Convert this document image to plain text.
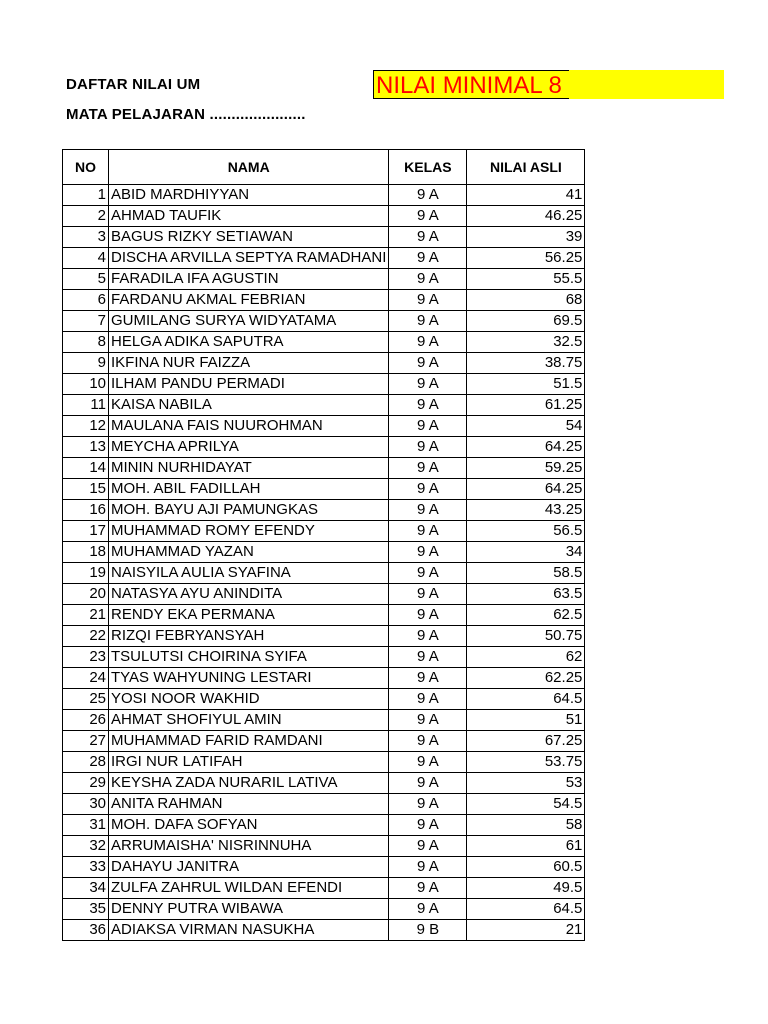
DAFTAR NILAI UM
MATA PELAJARAN ......................
NILAI MINIMAL 8
NO	NAMA	KELAS	NILAI ASLI
1	ABID MARDHIYYAN	9 A	41
2	AHMAD TAUFIK	9 A	46.25
3	BAGUS RIZKY SETIAWAN	9 A	39
4	DISCHA ARVILLA SEPTYA RAMADHANI	9 A	56.25
5	FARADILA IFA AGUSTIN	9 A	55.5
6	FARDANU AKMAL FEBRIAN	9 A	68
7	GUMILANG SURYA WIDYATAMA	9 A	69.5
8	HELGA ADIKA SAPUTRA	9 A	32.5
9	IKFINA NUR FAIZZA	9 A	38.75
10	ILHAM PANDU PERMADI	9 A	51.5
11	KAISA NABILA	9 A	61.25
12	MAULANA FAIS NUUROHMAN	9 A	54
13	MEYCHA APRILYA	9 A	64.25
14	MININ NURHIDAYAT	9 A	59.25
15	MOH. ABIL FADILLAH	9 A	64.25
16	MOH. BAYU AJI PAMUNGKAS	9 A	43.25
17	MUHAMMAD ROMY EFENDY	9 A	56.5
18	MUHAMMAD YAZAN	9 A	34
19	NAISYILA AULIA SYAFINA	9 A	58.5
20	NATASYA AYU ANINDITA	9 A	63.5
21	RENDY EKA PERMANA	9 A	62.5
22	RIZQI FEBRYANSYAH	9 A	50.75
23	TSULUTSI CHOIRINA SYIFA	9 A	62
24	TYAS WAHYUNING LESTARI	9 A	62.25
25	YOSI NOOR WAKHID	9 A	64.5
26	AHMAT SHOFIYUL AMIN	9 A	51
27	MUHAMMAD FARID RAMDANI	9 A	67.25
28	IRGI NUR LATIFAH	9 A	53.75
29	KEYSHA ZADA NURARIL LATIVA	9 A	53
30	ANITA RAHMAN	9 A	54.5
31	MOH. DAFA SOFYAN	9 A	58
32	ARRUMAISHA' NISRINNUHA	9 A	61
33	DAHAYU JANITRA	9 A	60.5
34	ZULFA ZAHRUL WILDAN EFENDI	9 A	49.5
35	DENNY PUTRA WIBAWA	9 A	64.5
36	ADIAKSA VIRMAN NASUKHA	9 B	21
